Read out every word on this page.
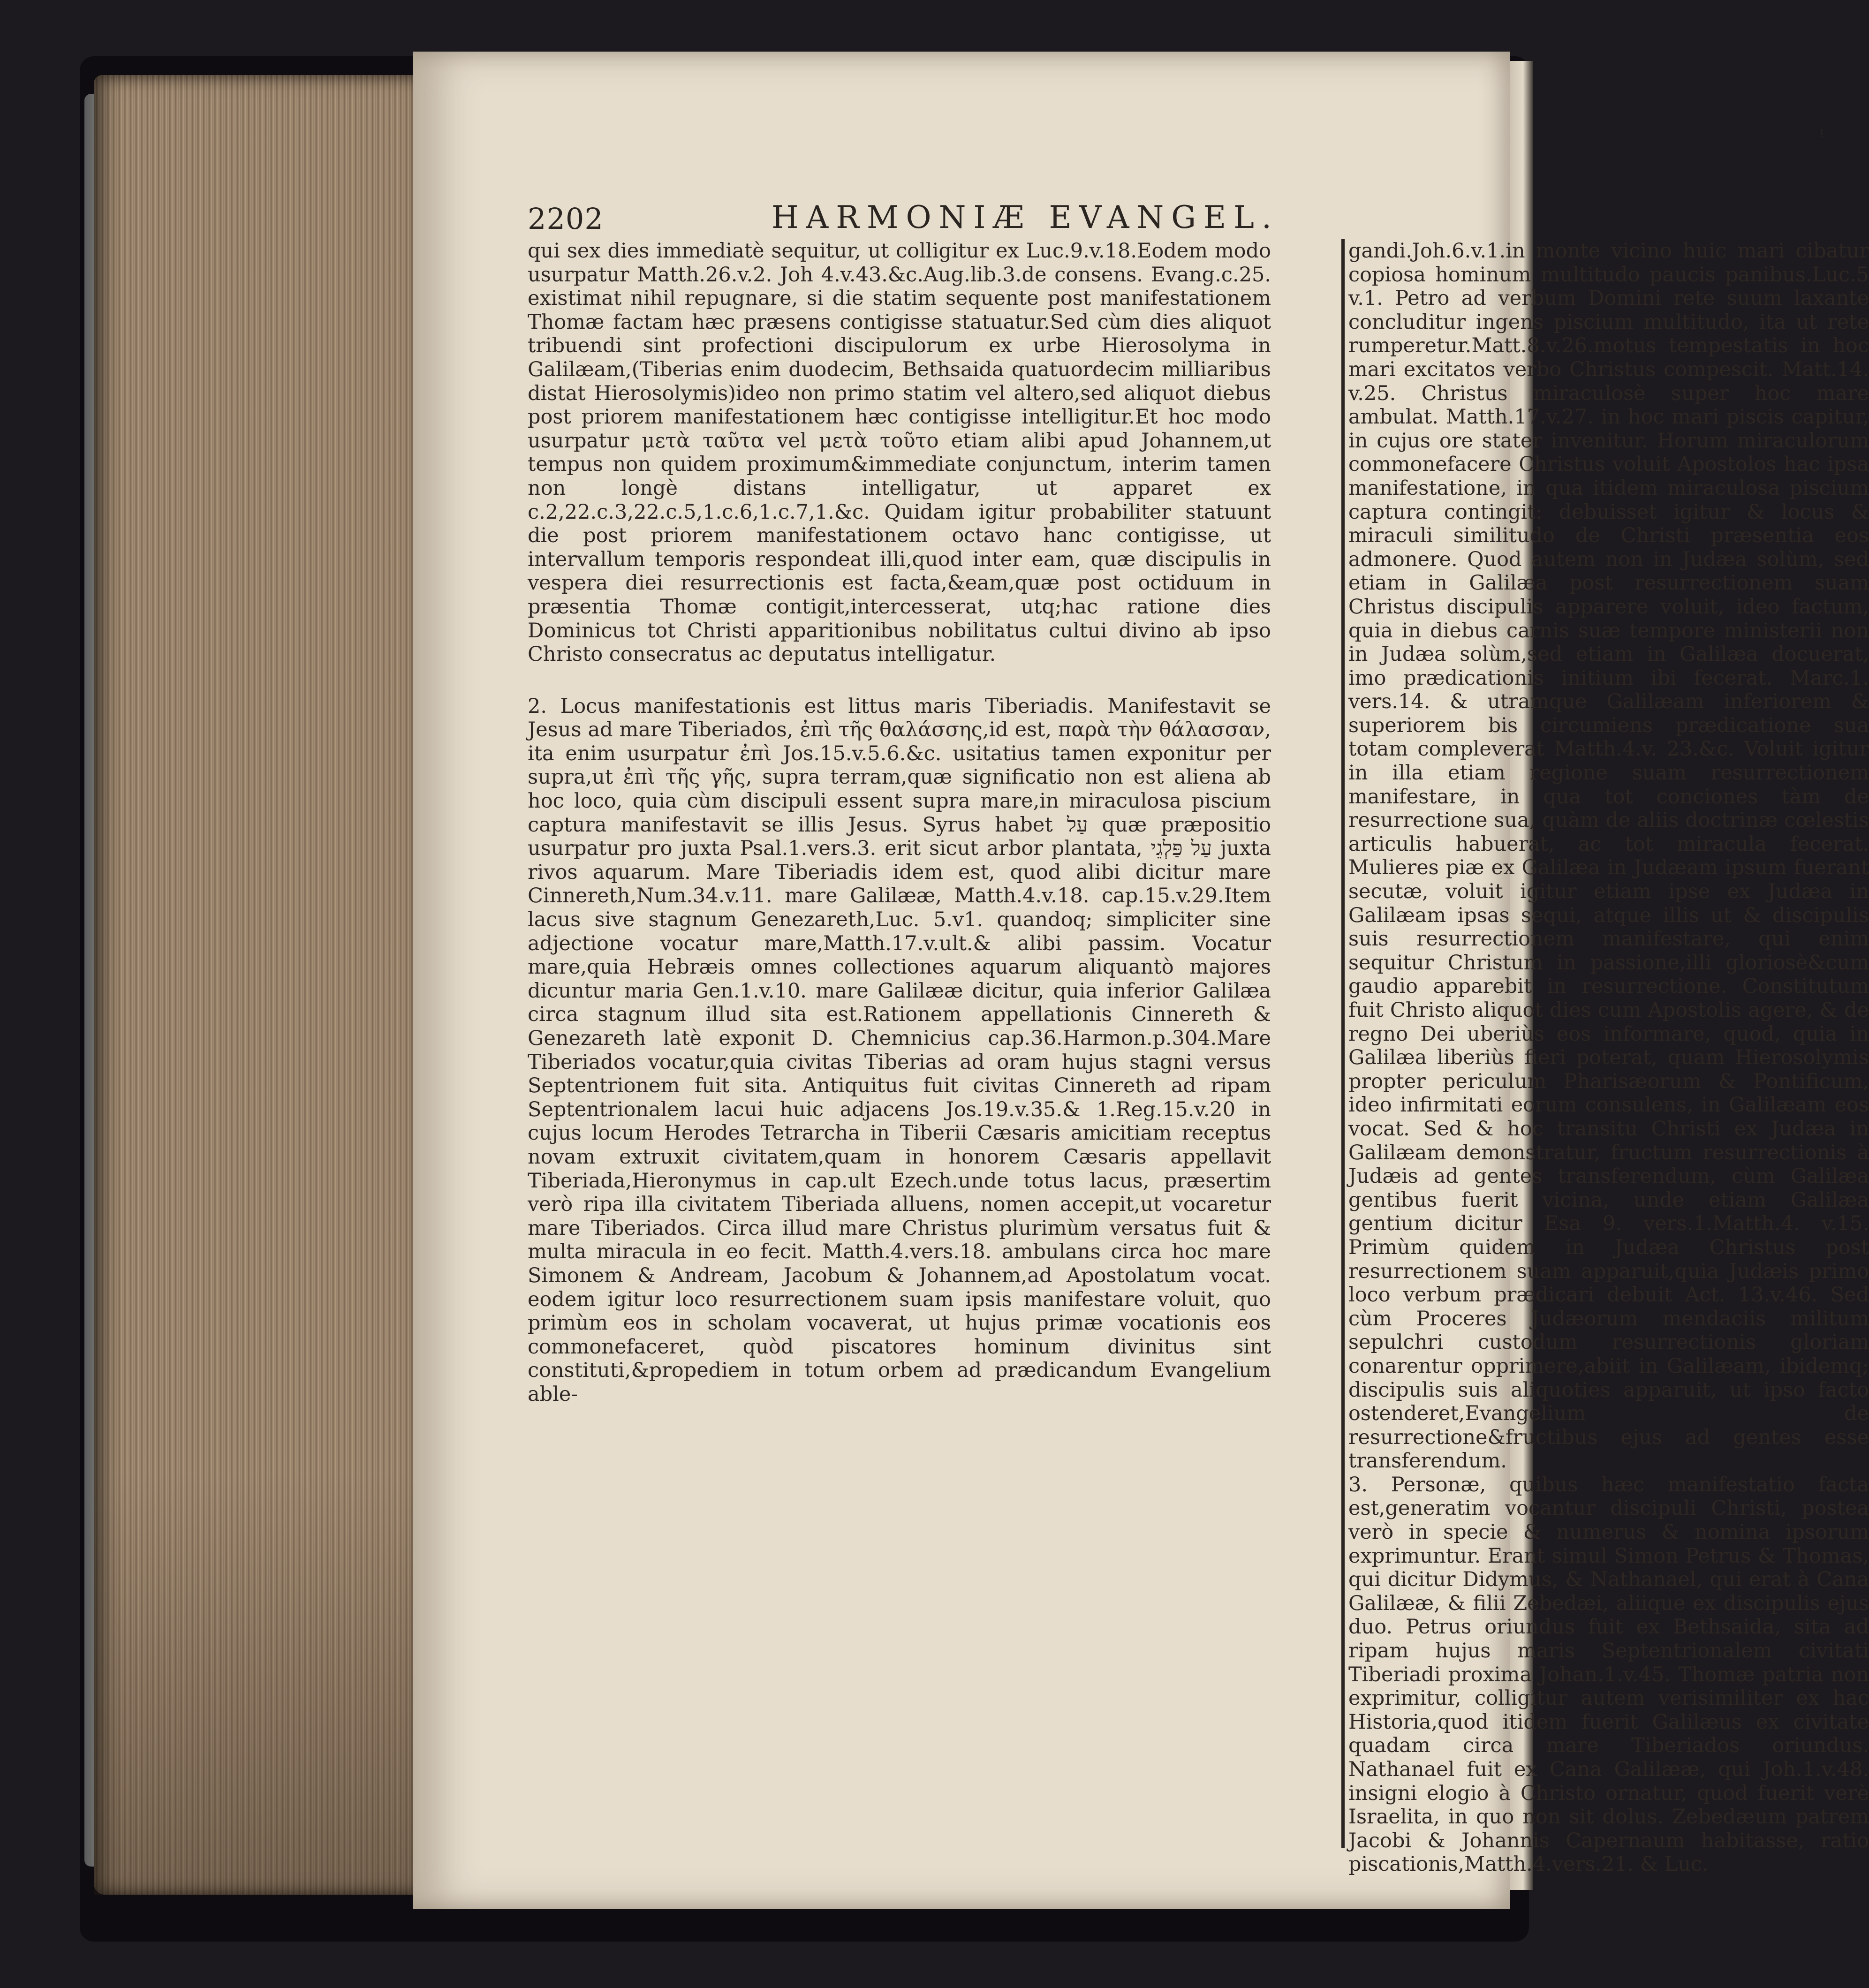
2202	HARMONIÆ EVANGEL.
ᵎ

qui sex dies immediatè sequitur, ut colligitur ex Luc.9.v.18.Eodem modo usurpatur Matth.26.v.2. Joh 4.v.43.&c.Aug.lib.3.de consens. Evang.c.25. existimat nihil repugnare, si die statim sequente post manifestationem Thomæ factam hæc præsens contigisse statuatur.Sed cùm dies aliquot tribuendi sint profectioni discipulorum ex urbe Hierosolyma in Galilæam,(Tiberias enim duodecim, Bethsaida quatuordecim milliaribus distat Hierosolymis)ideo non primo statim vel altero,sed aliquot diebus post priorem manifestationem hæc contigisse intelligitur.Et hoc modo usurpatur μετὰ ταῦτα vel μετὰ τοῦτο etiam alibi apud Johannem,ut tempus non quidem proximum&immediate conjunctum, interim tamen non longè distans intelligatur, ut apparet ex c.2,22.c.3,22.c.5,1.c.6,1.c.7,1.&c. Quidam igitur probabiliter statuunt die post priorem manifestationem octavo hanc contigisse, ut intervallum temporis respondeat illi,quod inter eam, quæ discipulis in vespera diei resurrectionis est facta,&eam,quæ post octiduum in præsentia Thomæ contigit,intercesserat, utq;hac ratione dies Dominicus tot Christi apparitionibus nobilitatus cultui divino ab ipso Christo consecratus ac deputatus intelligatur.

2. Locus manifestationis est littus maris Tiberiadis. Manifestavit se Jesus ad mare Tiberiados, ἐπὶ τῆς θαλάσσης,id est, παρὰ τὴν θάλασσαν, ita enim usurpatur ἐπὶ Jos.15.v.5.6.&c. usitatius tamen exponitur per supra,ut ἐπὶ τῆς γῆς, supra terram,quæ significatio non est aliena ab hoc loco, quia cùm discipuli essent supra mare,in miraculosa piscium captura manifestavit se illis Jesus. Syrus habet עַל quæ præpositio usurpatur pro juxta Psal.1.vers.3. erit sicut arbor plantata, עַל פַּלְגֵי juxta rivos aquarum. Mare Tiberiadis idem est, quod alibi dicitur mare Cinnereth,Num.34.v.11. mare Galilææ, Matth.4.v.18. cap.15.v.29.Item lacus sive stagnum Genezareth,Luc. 5.v1. quandoq; simpliciter sine adjectione vocatur mare,Matth.17.v.ult.& alibi passim. Vocatur mare,quia Hebræis omnes collectiones aquarum aliquantò majores dicuntur maria Gen.1.v.10. mare Galilææ dicitur, quia inferior Galilæa circa stagnum illud sita est.Rationem appellationis Cinnereth & Genezareth latè exponit D. Chemnicius cap.36.Harmon.p.304.Mare Tiberiados vocatur,quia civitas Tiberias ad oram hujus stagni versus Septentrionem fuit sita. Antiquitus fuit civitas Cinnereth ad ripam Septentrionalem lacui huic adjacens Jos.19.v.35.& 1.Reg.15.v.20 in cujus locum Herodes Tetrarcha in Tiberii Cæsaris amicitiam receptus novam extruxit civitatem,quam in honorem Cæsaris appellavit Tiberiada,Hieronymus in cap.ult Ezech.unde totus lacus, præsertim verò ripa illa civitatem Tiberiada alluens, nomen accepit,ut vocaretur mare Tiberiados. Circa illud mare Christus plurimùm versatus fuit & multa miracula in eo fecit. Matth.4.vers.18. ambulans circa hoc mare Simonem & Andream, Jacobum & Johannem,ad Apostolatum vocat. eodem igitur loco resurrectionem suam ipsis manifestare voluit, quo primùm eos in scholam vocaverat, ut hujus primæ vocationis eos commonefaceret, quòd piscatores hominum divinitus sint constituti,&propediem in totum orbem ad prædicandum Evangelium able-

gandi.Joh.6.v.1.in monte vicino huic mari cibatur copiosa hominum multitudo paucis panibus.Luc.5 v.1. Petro ad verbum Domini rete suum laxante concluditur ingens piscium multitudo, ita ut rete rumperetur.Matt.8.v.26.motus tempestatis in hoc mari excitatos verbo Christus compescit. Matt.14. v.25. Christus miraculosè super hoc mare ambulat. Matth.17.v.27. in hoc mari piscis capitur, in cujus ore stater invenitur. Horum miraculorum commonefacere Christus voluit Apostolos hac ipsa manifestatione, in qua itidem miraculosa piscium captura contingit: debuisset igitur & locus & miraculi similitudo de Christi præsentia eos admonere. Quod autem non in Judæa solùm, sed etiam in Galilæa post resurrectionem suam Christus discipulis apparere voluit, ideo factum, quia in diebus carnis suæ tempore ministerii non in Judæa solùm,sed etiam in Galilæa docuerat, imo prædicationis initium ibi fecerat. Marc.1. vers.14. & utramque Galilæam inferiorem & superiorem bis circumiens prædicatione sua totam compleverat Matth.4.v. 23.&c. Voluit igitur in illa etiam regione suam resurrectionem manifestare, in qua tot conciones tàm de resurrectione sua, quàm de aliis doctrinæ cœlestis articulis habuerat, ac tot miracula fecerat. Mulieres piæ ex Galilæa in Judæam ipsum fuerant secutæ, voluit igitur etiam ipse ex Judæa in Galilæam ipsas sequi, atque illis ut & discipulis suis resurrectionem manifestare, qui enim sequitur Christum in passione,illi gloriosè&cum gaudio apparebit in resurrectione. Constitutum fuit Christo aliquot dies cum Apostolis agere, & de regno Dei uberiùs eos informare, quod, quia in Galilæa liberiùs fieri poterat, quam Hierosolymis propter periculum Pharisæorum & Pontificum, ideo infirmitati eorum consulens, in Galilæam eos vocat. Sed & hoc transitu Christi ex Judæa in Galilæam demonstratur, fructum resurrectionis à Judæis ad gentes transferendum, cùm Galilæa gentibus fuerit vicina, unde etiam Galilæa gentium dicitur Esa 9. vers.1.Matth.4. v.15. Primùm quidem in Judæa Christus post resurrectionem suam apparuit,quia Judæis primo loco verbum prædicari debuit Act. 13.v.46. Sed cùm Proceres Judæorum mendaciis militum sepulchri custodum resurrectionis gloriam conarentur opprimere,abiit in Galilæam, ibidemq; discipulis suis aliquoties apparuit, ut ipso facto ostenderet,Evangelium de resurrectione&fructibus ejus ad gentes esse transferendum.

3. Personæ, quibus hæc manifestatio facta est,generatim vocantur discipuli Christi, postea verò in specie & numerus & nomina ipsorum exprimuntur. Erant simul Simon Petrus & Thomas, qui dicitur Didymus, & Nathanael, qui erat à Cana Galilææ, & filii Zebedæi, aliique ex discipulis ejus duo. Petrus oriundus fuit ex Bethsaida, sita ad ripam hujus maris Septentrionalem civitati Tiberiadi proxima Johan.1.v.45. Thomæ patria non exprimitur, colligitur autem verisimiliter ex hac Historia,quod itidem fuerit Galilæus ex civitate quadam circa mare Tiberiados oriundus. Nathanael fuit ex Cana Galilææ, qui Joh.1.v.48. insigni elogio à Christo ornatur, quod fuerit verè Israelita, in quo non sit dolus. Zebedæum patrem Jacobi & Johannis Capernaum habitasse, ratio piscationis,Matth.4.vers.21. & Luc.
